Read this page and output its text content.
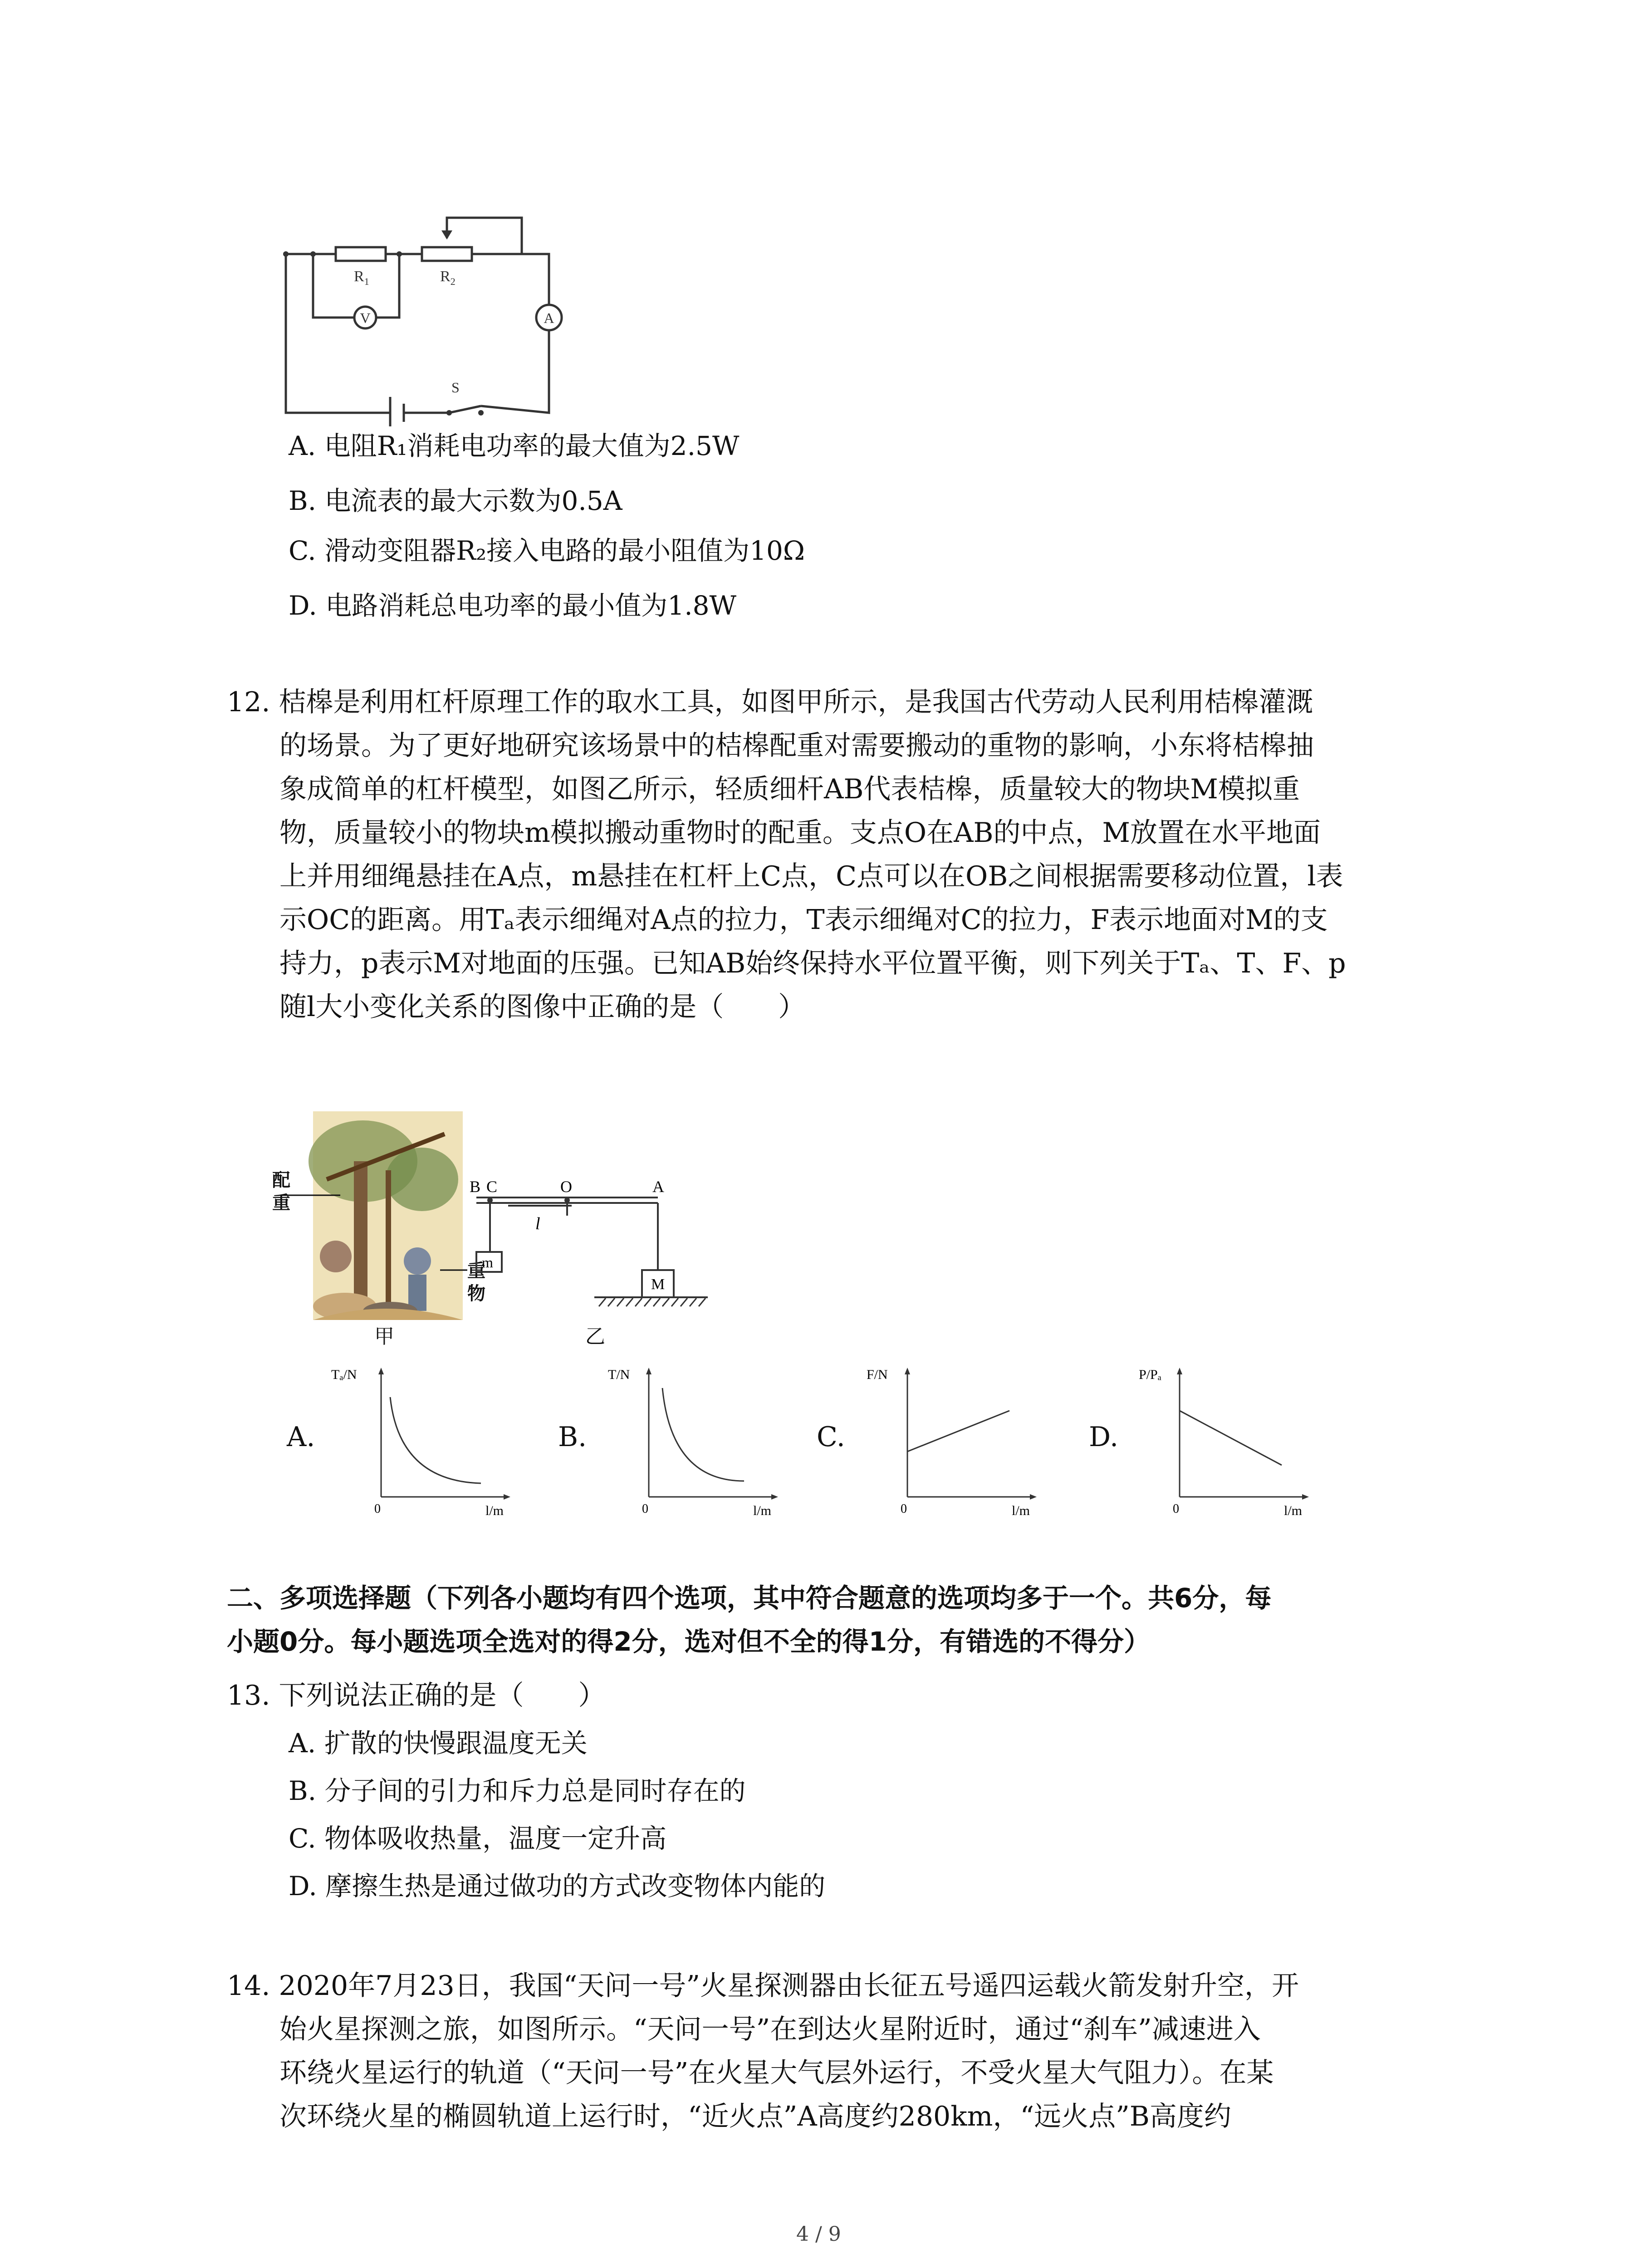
$R_1$	$R_2$
V	A
S
A. 电阻R₁消耗电功率的最大值为2.5W
B. 电流表的最大示数为0.5A
C. 滑动变阻器R₂接入电路的最小阻值为10Ω
D. 电路消耗总电功率的最小值为1.8W
12. 桔槔是利用杠杆原理工作的取水工具，如图甲所示，是我国古代劳动人民利用桔槔灌溉
的场景。为了更好地研究该场景中的桔槔配重对需要搬动的重物的影响，小东将桔槔抽
象成简单的杠杆模型，如图乙所示，轻质细杆AB代表桔槔，质量较大的物块M模拟重
物，质量较小的物块m模拟搬动重物时的配重。支点O在AB的中点，M放置在水平地面
上并用细绳悬挂在A点，m悬挂在杠杆上C点，C点可以在OB之间根据需要移动位置，l表
示OC的距离。用Tₐ表示细绳对A点的拉力，T表示细绳对C的拉力，F表示地面对M的支
持力，p表示M对地面的压强。已知AB始终保持水平位置平衡，则下列关于Tₐ、T、F、p
随l大小变化关系的图像中正确的是（　　）
配
重
重
物
甲
B C	O	A
l
m
M
乙
A.
Tₐ/N
0	l/m
B.
T/N
0	l/m
C.
F/N
0	l/m
D.
P/Pₐ
0	l/m
二、多项选择题（下列各小题均有四个选项，其中符合题意的选项均多于一个。共6分，每
小题0分。每小题选项全选对的得2分，选对但不全的得1分，有错选的不得分）
13. 下列说法正确的是（　　）
A. 扩散的快慢跟温度无关
B. 分子间的引力和斥力总是同时存在的
C. 物体吸收热量，温度一定升高
D. 摩擦生热是通过做功的方式改变物体内能的
14. 2020年7月23日，我国“天问一号”火星探测器由长征五号遥四运载火箭发射升空，开
始火星探测之旅，如图所示。“天问一号”在到达火星附近时，通过“刹车”减速进入
环绕火星运行的轨道（“天问一号”在火星大气层外运行，不受火星大气阻力）。在某
次环绕火星的椭圆轨道上运行时，“近火点”A高度约280km，“远火点”B高度约
4 / 9
